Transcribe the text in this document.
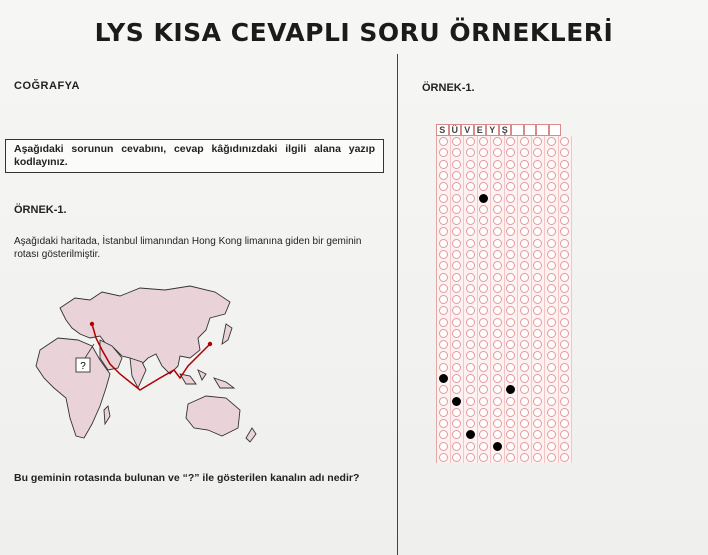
LYS KISA CEVAPLI SORU ÖRNEKLERİ
COĞRAFYA
Aşağıdaki sorunun cevabını, cevap kâğıdınızdaki ilgili alana yazıp kodlayınız.
ÖRNEK-1.
Aşağıdaki haritada, İstanbul limanından Hong Kong limanına giden bir geminin rotası gösterilmiştir.
?
Bu geminin rotasında bulunan ve “?” ile gösterilen kanalın adı nedir?
ÖRNEK-1.
S Ü V E Y Ş
